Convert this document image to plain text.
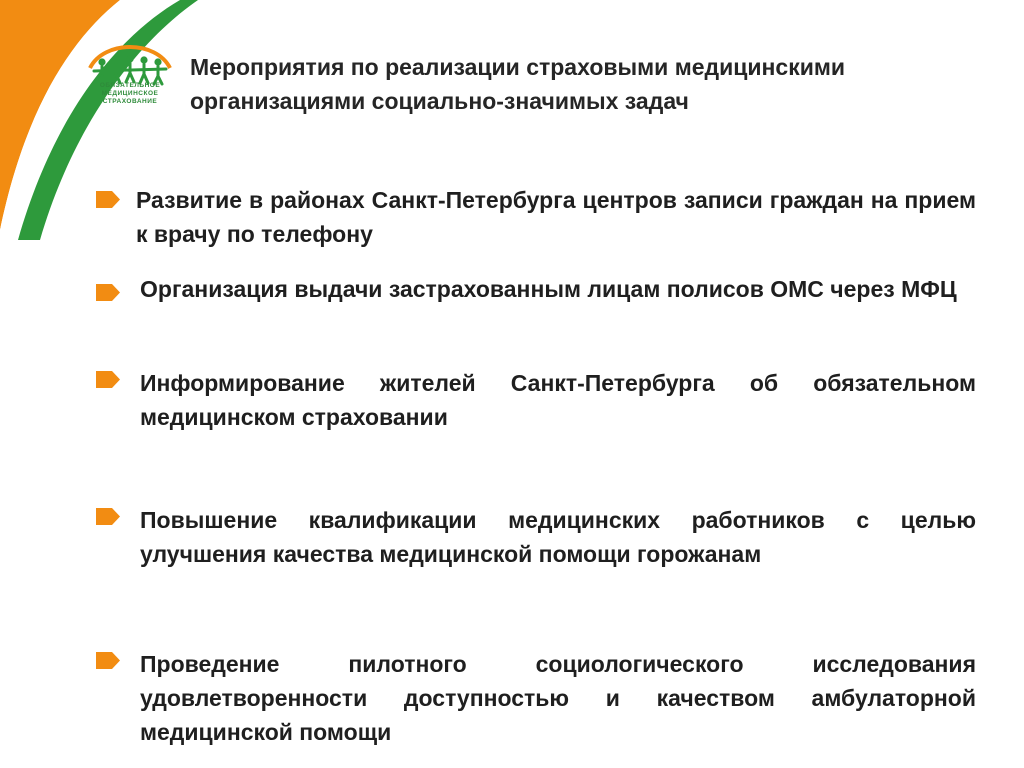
ОБЯЗАТЕЛЬНОЕ
МЕДИЦИНСКОЕ
СТРАХОВАНИЕ
Мероприятия по реализации страховыми медицинскими организациями социально-значимых задач
Развитие в районах Санкт-Петербурга центров записи граждан на прием к врачу по телефону
Организация выдачи застрахованным лицам полисов ОМС через МФЦ
Информирование жителей Санкт-Петербурга об обязательном медицинском страховании
Повышение квалификации медицинских работников с целью улучшения качества медицинской помощи горожанам
Проведение пилотного социологического исследования удовлетворенности доступностью и качеством амбулаторной медицинской помощи
